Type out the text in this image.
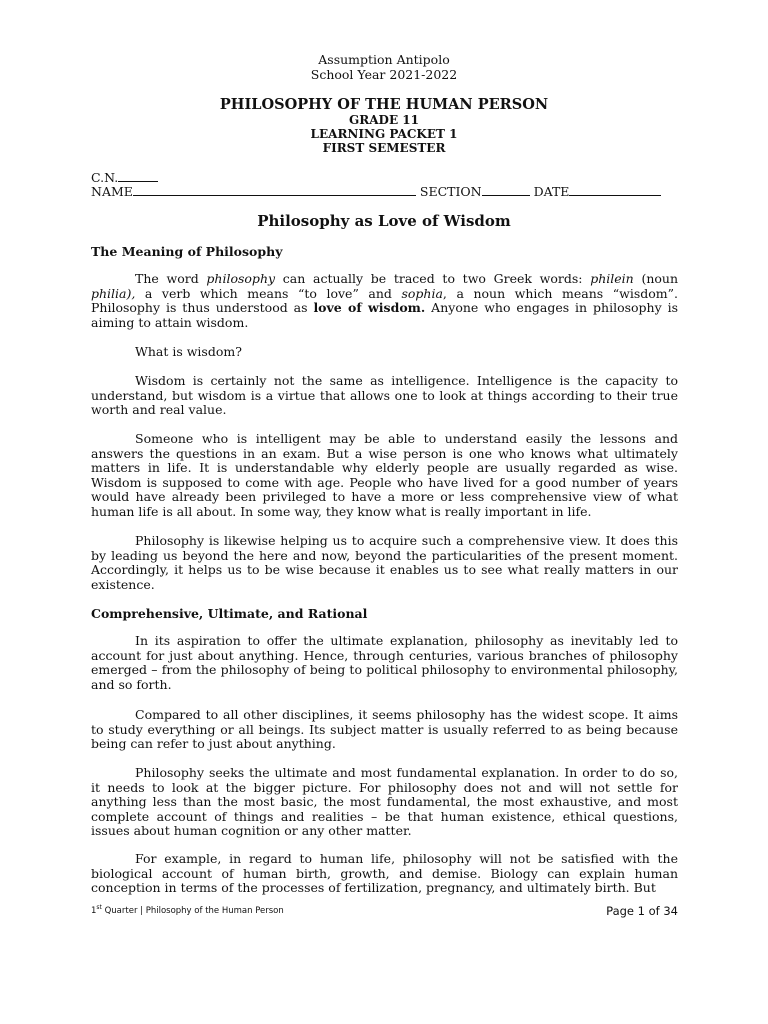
Assumption Antipolo
School Year 2021-2022
PHILOSOPHY OF THE HUMAN PERSON
GRADE 11
LEARNING PACKET 1
FIRST SEMESTER
C.N.
NAME	SECTION	DATE
Philosophy as Love of Wisdom
The Meaning of Philosophy
The word philosophy can actually be traced to two Greek words: philein (noun philia), a verb which means “to love” and sophia, a noun which means “wisdom”. Philosophy is thus understood as love of wisdom. Anyone who engages in philosophy is aiming to attain wisdom.
What is wisdom?
Wisdom is certainly not the same as intelligence. Intelligence is the capacity to understand, but wisdom is a virtue that allows one to look at things according to their true worth and real value.
Someone who is intelligent may be able to understand easily the lessons and answers the questions in an exam. But a wise person is one who knows what ultimately matters in life. It is understandable why elderly people are usually regarded as wise. Wisdom is supposed to come with age. People who have lived for a good number of years would have already been privileged to have a more or less comprehensive view of what human life is all about. In some way, they know what is really important in life.
Philosophy is likewise helping us to acquire such a comprehensive view. It does this by leading us beyond the here and now, beyond the particularities of the present moment. Accordingly, it helps us to be wise because it enables us to see what really matters in our existence.
Comprehensive, Ultimate, and Rational
In its aspiration to offer the ultimate explanation, philosophy as inevitably led to account for just about anything. Hence, through centuries, various branches of philosophy emerged – from the philosophy of being to political philosophy to environmental philosophy, and so forth.
Compared to all other disciplines, it seems philosophy has the widest scope. It aims to study everything or all beings. Its subject matter is usually referred to as being because being can refer to just about anything.
Philosophy seeks the ultimate and most fundamental explanation. In order to do so, it needs to look at the bigger picture. For philosophy does not and will not settle for anything less than the most basic, the most fundamental, the most exhaustive, and most complete account of things and realities – be that human existence, ethical questions, issues about human cognition or any other matter.
For example, in regard to human life, philosophy will not be satisfied with the biological account of human birth, growth, and demise. Biology can explain human conception in terms of the processes of fertilization, pregnancy, and ultimately birth. But
1st Quarter | Philosophy of the Human Person	Page 1 of 34
